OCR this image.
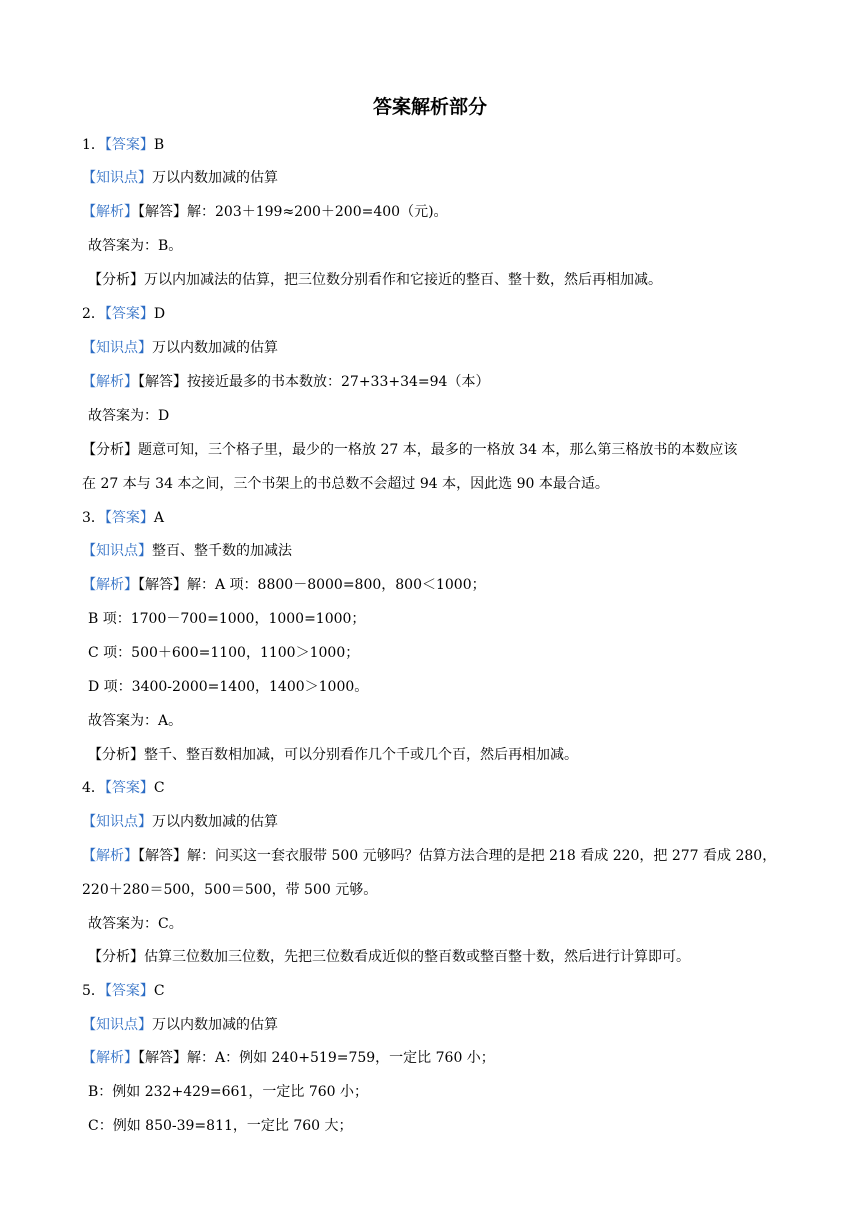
答案解析部分
1．【答案】B
【知识点】万以内数加减的估算
【解析】【解答】解：203＋199≈200＋200=400（元)。
故答案为：B。
【分析】万以内加减法的估算，把三位数分别看作和它接近的整百、整十数，然后再相加减。
2．【答案】D
【知识点】万以内数加减的估算
【解析】【解答】按接近最多的书本数放：27+33+34=94（本）
故答案为：D
【分析】题意可知，三个格子里，最少的一格放 27 本，最多的一格放 34 本，那么第三格放书的本数应该
在 27 本与 34 本之间，三个书架上的书总数不会超过 94 本，因此选 90 本最合适。
3．【答案】A
【知识点】整百、整千数的加减法
【解析】【解答】解：A 项：8800－8000=800，800＜1000；
B 项：1700－700=1000，1000=1000；
C 项：500＋600=1100，1100＞1000；
D 项：3400-2000=1400，1400＞1000。
故答案为：A。
【分析】整千、整百数相加减，可以分别看作几个千或几个百，然后再相加减。
4．【答案】C
【知识点】万以内数加减的估算
【解析】【解答】解：问买这一套衣服带 500 元够吗？估算方法合理的是把 218 看成 220，把 277 看成 280，
220＋280＝500，500＝500，带 500 元够。
故答案为：C。
【分析】估算三位数加三位数，先把三位数看成近似的整百数或整百整十数，然后进行计算即可。
5．【答案】C
【知识点】万以内数加减的估算
【解析】【解答】解：A：例如 240+519=759，一定比 760 小；
B：例如 232+429=661，一定比 760 小；
C：例如 850-39=811，一定比 760 大；
